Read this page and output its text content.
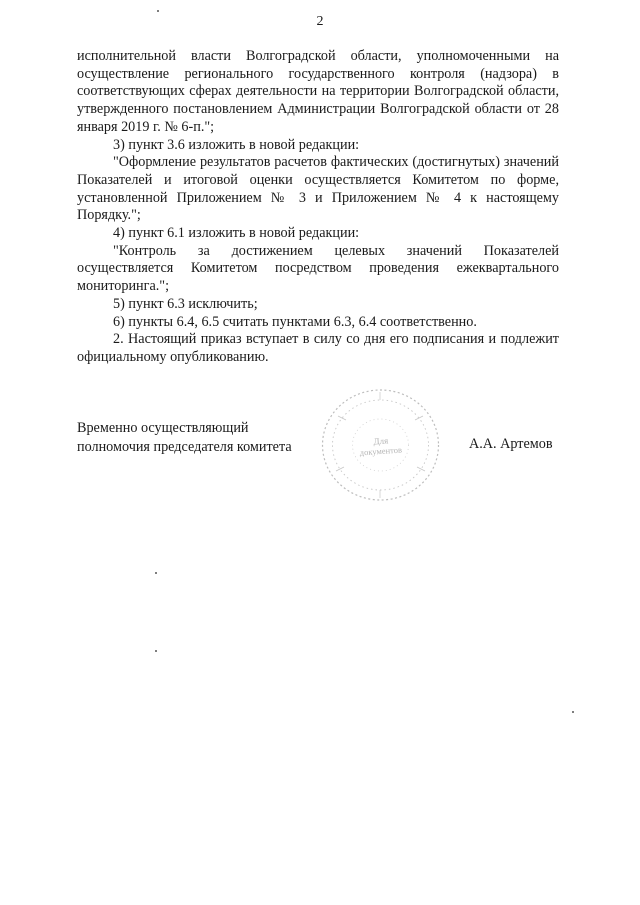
2

исполнительной власти Волгоградской области, уполномоченными на осуществление регионального государственного контроля (надзора) в соответствующих сферах деятельности на территории Волгоградской области, утвержденного постановлением Администрации Волгоградской области от 28 января 2019 г. № 6-п.";

3) пункт 3.6 изложить в новой редакции:

"Оформление результатов расчетов фактических (достигнутых) значений Показателей и итоговой оценки осуществляется Комитетом по форме, установленной Приложением № 3 и Приложением № 4 к настоящему Порядку.";

4) пункт 6.1 изложить в новой редакции:

"Контроль за достижением целевых значений Показателей осуществляется Комитетом посредством проведения ежеквартального мониторинга.";

5) пункт 6.3 исключить;

6) пункты 6.4, 6.5 считать пунктами 6.3, 6.4 соответственно.

2. Настоящий приказ вступает в силу со дня его подписания и подлежит официальному опубликованию.

Временно осуществляющий
полномочия председателя комитета	Для
документов	А.А. Артемов
